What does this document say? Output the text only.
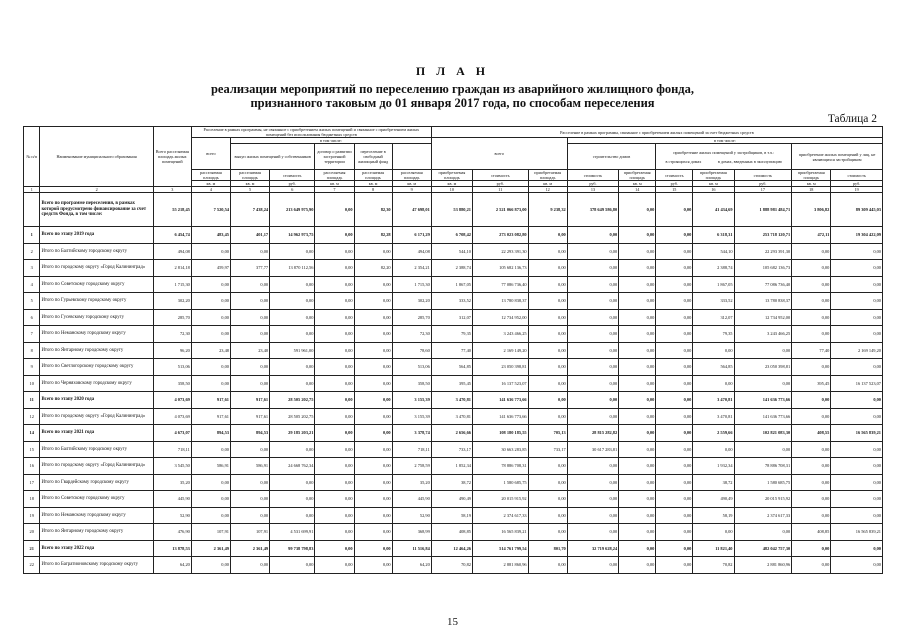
П Л А Н
реализации мероприятий по переселению граждан из аварийного жилищного фонда,
признанного таковым до 01 января 2017 года, по способам переселения
Таблица 2
№ п/п	Наименование муниципального образования	Всего расселяемая площадь жилых помещений	Расселение в рамках программы, не связанное с приобретением жилых помещений и связанное с приобретением жилых помещений без использования бюджетных средств						Расселение в рамках программы, связанное с приобретением жилых помещений за счет бюджетных средств									
			всего	в том числе:					всего			в том числе:						
				выкуп жилых помещений у собственников		договор о развитии застроенной территории	переселение в свободный жилищный фонд					строительство домов		приобретение жилых помещений у застройщиков, в т.ч.:
в строящихся домах в домах, введенных в эксплуатацию			приобретение жилых помещений у лиц, не являющихся застройщиком	
			расселяемая площадь	расселяемая площадь	стоимость	расселяемая площадь	расселяемая площадь	расселяемая площадь	приобретаемая площадь	стоимость	приобретаемая площадь	стоимость	приобретаемая площадь	стоимость	приобретаемая площадь	стоимость	приобретаемая площадь	стоимость
			кв. м	кв. м	руб.	кв. м	кв. м	кв. м	кв. м	руб.	кв. м	руб.	кв. м	руб.	кв. м	руб.	кв. м	руб.
1	2	3	4	5	6	7	8	9	10	11	12	13	14	15	16	17	18	19
	Всего по программе переселения, в рамках которой предусмотрено финансирование за счет средств Фонда, в том числе:	55 218,45	7 520,54	7 438,24	213 649 975,90	0,00	82,30	47 698,01	53 880,21	2 521 066 873,00	9 238,32	378 649 586,80	0,00	0,00	41 434,69	1 888 981 484,71	3 806,82	89 309 445,03
1	Всего по этапу 2019 года	6 454,74	483,45	401,17	14 962 973,75	0,00	82,28	6 171,29	6 708,42	273 023 082,80	0,00	0,00	0,00	0,00	6 318,31	253 718 120,71	472,11	19 304 422,09
2	Итого по Балтийскому городскому округу	494,08	0,00	0,00	0,00	0,00	0,00	494,08	544,10	22 293 391,30	0,00	0,00	0,00	0,00	544,10	22 293 391,30	0,00	0,00
3	Итого по городскому округу «Город Калининград»	2 814,18	459,97	377,77	13 870 112,56	0,00	82,20	2 354,21	2 388,74	105 682 136,73	0,00	0,00	0,00	0,00	2 388,74	105 682 136,73	0,00	0,00
4	Итого по Советскому городскому округу	1 715,30	0,00	0,00	0,00	0,00	0,00	1 715,30	1 867,05	77 086 736,40	0,00	0,00	0,00	0,00	1 867,05	77 086 736,40	0,00	0,00
5	Итого по Гурьевскому городскому округу	302,20	0,00	0,00	0,00	0,00	0,00	302,20	333,52	13 780 838,37	0,00	0,00	0,00	0,00	333,52	13 780 838,37	0,00	0,00
6	Итого по Гусевскому городскому округу	285,70	0,00	0,00	0,00	0,00	0,00	285,70	312,07	12 734 952,00	0,00	0,00	0,00	0,00	312,07	12 734 952,00	0,00	0,00
7	Итого по Неманскому городскому округу	72,30	0,00	0,00	0,00	0,00	0,00	72,30	79,35	3 243 466,25	0,00	0,00	0,00	0,00	79,35	3 243 466,25	0,00	0,00
8	Итого по Янтарному городскому округу	96,20	23,48	23,40	591 961,00	0,00	0,00	78,60	77,40	2 169 149,20	0,00	0,00	0,00	0,00	0,00	0,00	77,40	2 169 149,20
9	Итого по Светлогорскому городскому округу	513,06	0,00	0,00	0,00	0,00	0,00	513,06	564,85	23 050 398,81	0,00	0,00	0,00	0,00	564,85	23 050 398,81	0,00	0,00
10	Итого по Черняховскому городскому округу	358,50	0,00	0,00	0,00	0,00	0,00	358,50	395,45	16 137 523,07	0,00	0,00	0,00	0,00	0,00	0,00	395,45	16 137 523,07
11	Всего по этапу 2020 года	4 073,69	917,61	917,61	28 505 202,75	0,00	0,00	3 155,39	3 470,81	141 636 773,66	0,00	0,00	0,00	0,00	3 470,81	141 636 773,66	0,00	0,00
12	Итого по городскому округу «Город Калининград»	4 073,69	917,61	917,61	28 505 202,75	0,00	0,00	3 155,39	3 470,81	141 636 773,66	0,00	0,00	0,00	0,00	3 470,81	141 636 773,66	0,00	0,00
14	Всего по этапу 2021 года	4 673,07	894,53	894,53	29 185 203,21	0,00	0,00	3 378,74	2 656,66	108 180 185,55	705,13	28 815 282,82	0,00	0,00	2 559,66	102 821 083,30	408,55	16 565 839,21
15	Итого по Балтийскому городскому округу	718,11	0,00	0,00	0,00	0,00	0,00	718,11	733,17	30 663 283,85	733,17	30 617 283,81	0,00	0,00	0,00	0,00	0,00	0,00
16	Итого по городскому округу «Город Калининград»	3 545,50	586,91	586,91	24 668 762,34	0,00	0,00	2 758,59	1 852,34	78 886 708,31	0,00	0,00	0,00	0,00	1 932,34	78 886 708,31	0,00	0,00
17	Итого по Гвардейскому городскому округу	35,20	0,00	0,00	0,00	0,00	0,00	35,20	38,72	1 580 685,75	0,00	0,00	0,00	0,00	38,72	1 580 685,75	0,00	0,00
18	Итого по Советскому городскому округу	445,90	0,00	0,00	0,00	0,00	0,00	445,90	490,49	20 015 915,92	0,00	0,00	0,00	0,00	490,49	20 015 915,92	0,00	0,00
19	Итого по Неманскому городскому округу	52,90	0,00	0,00	0,00	0,00	0,00	52,90	58,19	2 374 617,33	0,00	0,00	0,00	0,00	58,19	2 374 617,33	0,00	0,00
20	Итого по Янтарному городскому округу	476,90	107,91	107,91	4 531 699,91	0,00	0,00	368,99	408,85	16 565 839,21	0,00	0,00	0,00	0,00	0,00	0,00	408,85	16 565 839,21
21	Всего по этапу 2022 года	13 878,53	2 361,49	2 361,49	99 738 798,83	0,00	0,00	11 516,84	12 464,26	514 761 799,54	801,70	32 719 628,24	0,00	0,00	11 821,40	482 042 757,30	0,00	0,00
22	Итого по Багратионовскому городскому округу	64,20	0,00	0,00	0,00	0,00	0,00	64,20	70,82	2 881 860,96	0,00	0,00	0,00	0,00	70,82	2 881 860,96	0,00	0,00
15
